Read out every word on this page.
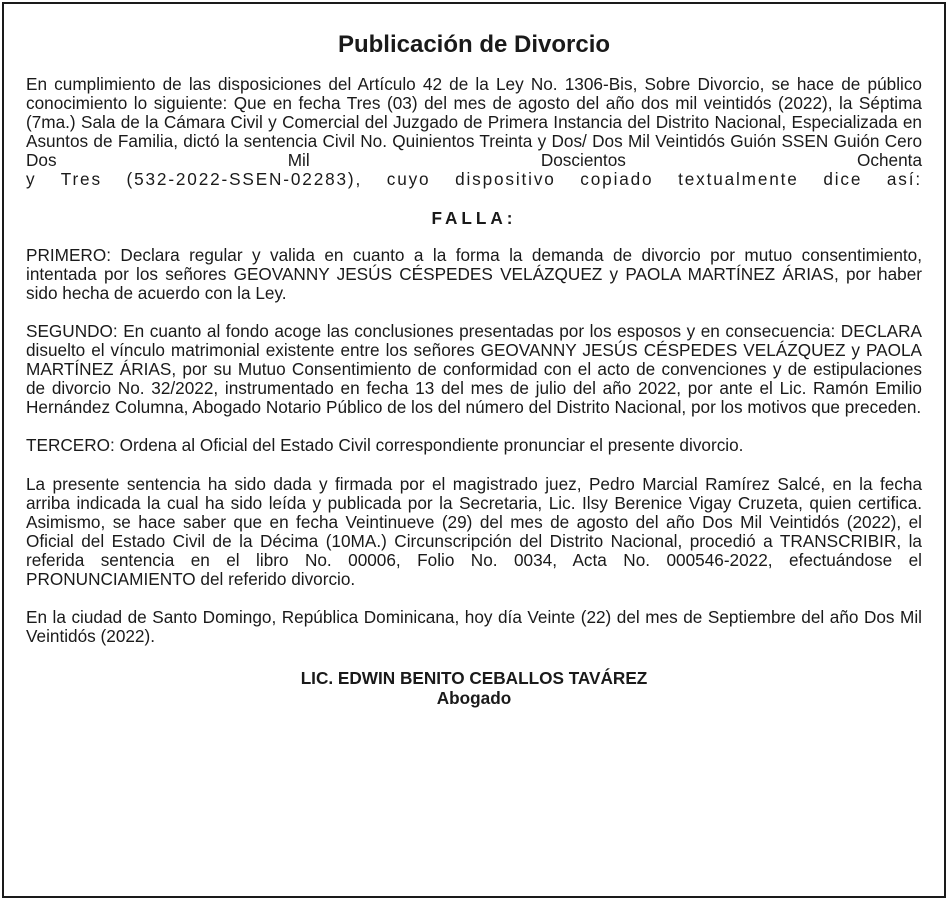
Publicación de Divorcio

En cumplimiento de las disposiciones del Artículo 42 de la Ley No. 1306-Bis, Sobre Divorcio, se hace de público conocimiento lo siguiente: Que en fecha Tres (03) del mes de agosto del año dos mil veintidós (2022), la Séptima (7ma.) Sala de la Cámara Civil y Comercial del Juzgado de Primera Instancia del Distrito Nacional, Especializada en Asuntos de Familia, dictó la sentencia Civil No. Quinientos Treinta y Dos/ Dos Mil Veintidós Guión SSEN Guión Cero Dos Mil Doscientos Ochenta

y Tres (532-2022-SSEN-02283), cuyo dispositivo copiado textualmente dice así:

FALLA:

PRIMERO: Declara regular y valida en cuanto a la forma la demanda de divorcio por mutuo consentimiento, intentada por los señores GEOVANNY JESÚS CÉSPEDES VELÁZQUEZ y PAOLA MARTÍNEZ ÁRIAS, por haber sido hecha de acuerdo con la Ley.

SEGUNDO: En cuanto al fondo acoge las conclusiones presentadas por los esposos y en consecuencia: DECLARA disuelto el vínculo matrimonial existente entre los señores GEOVANNY JESÚS CÉSPEDES VELÁZQUEZ y PAOLA MARTÍNEZ ÁRIAS, por su Mutuo Consentimiento de conformidad con el acto de convenciones y de estipulaciones de divorcio No. 32/2022, instrumentado en fecha 13 del mes de julio del año 2022, por ante el Lic. Ramón Emilio Hernández Columna, Abogado Notario Público de los del número del Distrito Nacional, por los motivos que preceden.

TERCERO: Ordena al Oficial del Estado Civil correspondiente pronunciar el presente divorcio.

La presente sentencia ha sido dada y firmada por el magistrado juez, Pedro Marcial Ramírez Salcé, en la fecha arriba indicada la cual ha sido leída y publicada por la Secretaria, Lic. Ilsy Berenice Vigay Cruzeta, quien certifica. Asimismo, se hace saber que en fecha Veintinueve (29) del mes de agosto del año Dos Mil Veintidós (2022), el Oficial del Estado Civil de la Décima (10MA.) Circunscripción del Distrito Nacional, procedió a TRANSCRIBIR, la referida sentencia en el libro No. 00006, Folio No. 0034, Acta No. 000546-2022, efectuándose el PRONUNCIAMIENTO del referido divorcio.

En la ciudad de Santo Domingo, República Dominicana, hoy día Veinte (22) del mes de Septiembre del año Dos Mil Veintidós (2022).

LIC. EDWIN BENITO CEBALLOS TAVÁREZ
Abogado
